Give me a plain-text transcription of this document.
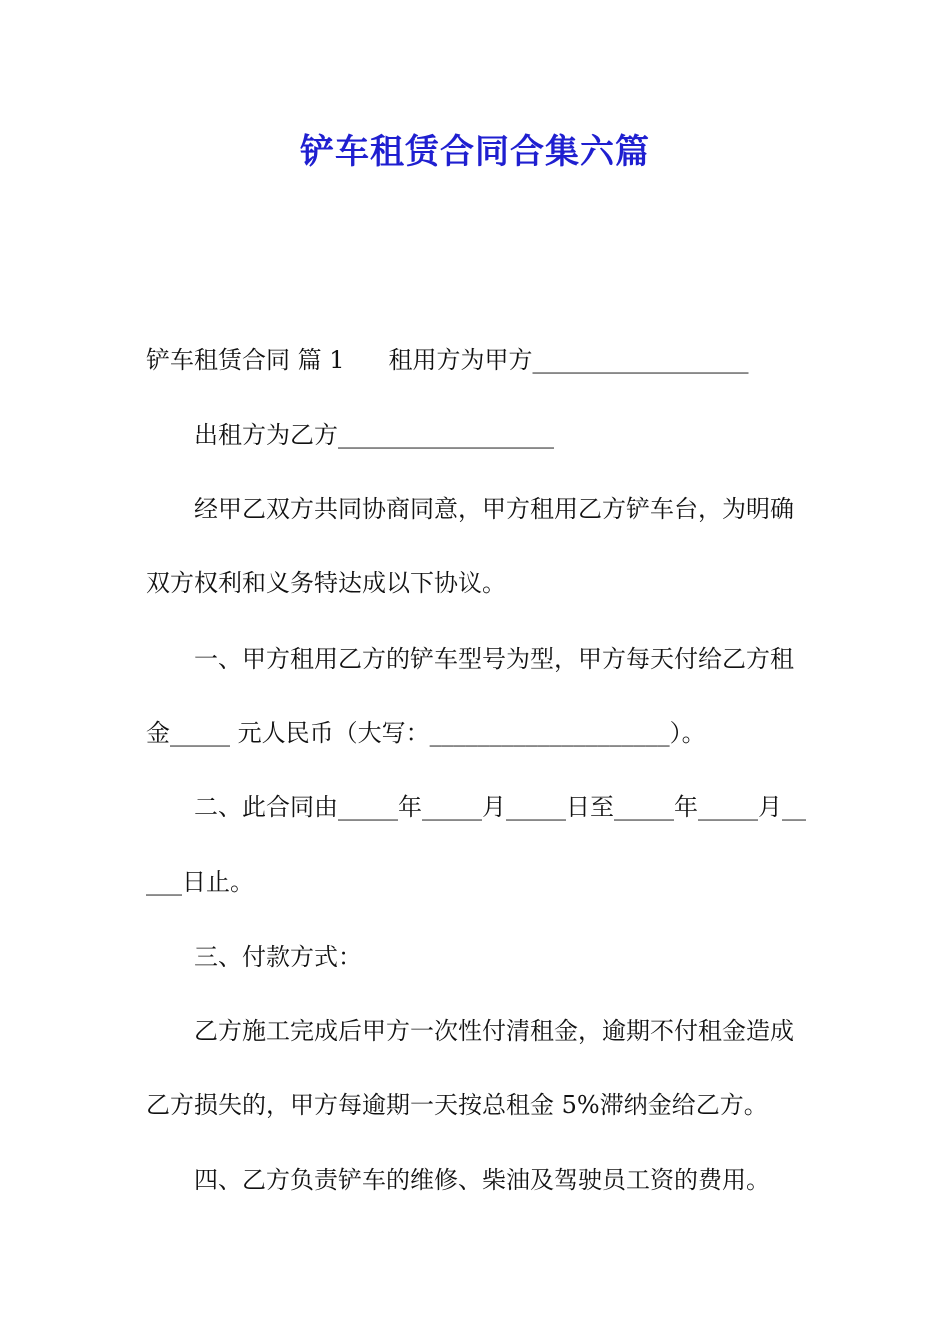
铲车租赁合同合集六篇
铲车租赁合同 篇 1 租用方为甲方__________________
出租方为乙方__________________
经甲乙双方共同协商同意，甲方租用乙方铲车台，为明确
双方权利和义务特达成以下协议。
一、甲方租用乙方的铲车型号为型，甲方每天付给乙方租
金_____ 元人民币（大写：____________________）。
二、此合同由_____年_____月_____日至_____年_____月__
___日止。
三、付款方式：
乙方施工完成后甲方一次性付清租金，逾期不付租金造成
乙方损失的，甲方每逾期一天按总租金 5%滞纳金给乙方。
四、乙方负责铲车的维修、柴油及驾驶员工资的费用。
